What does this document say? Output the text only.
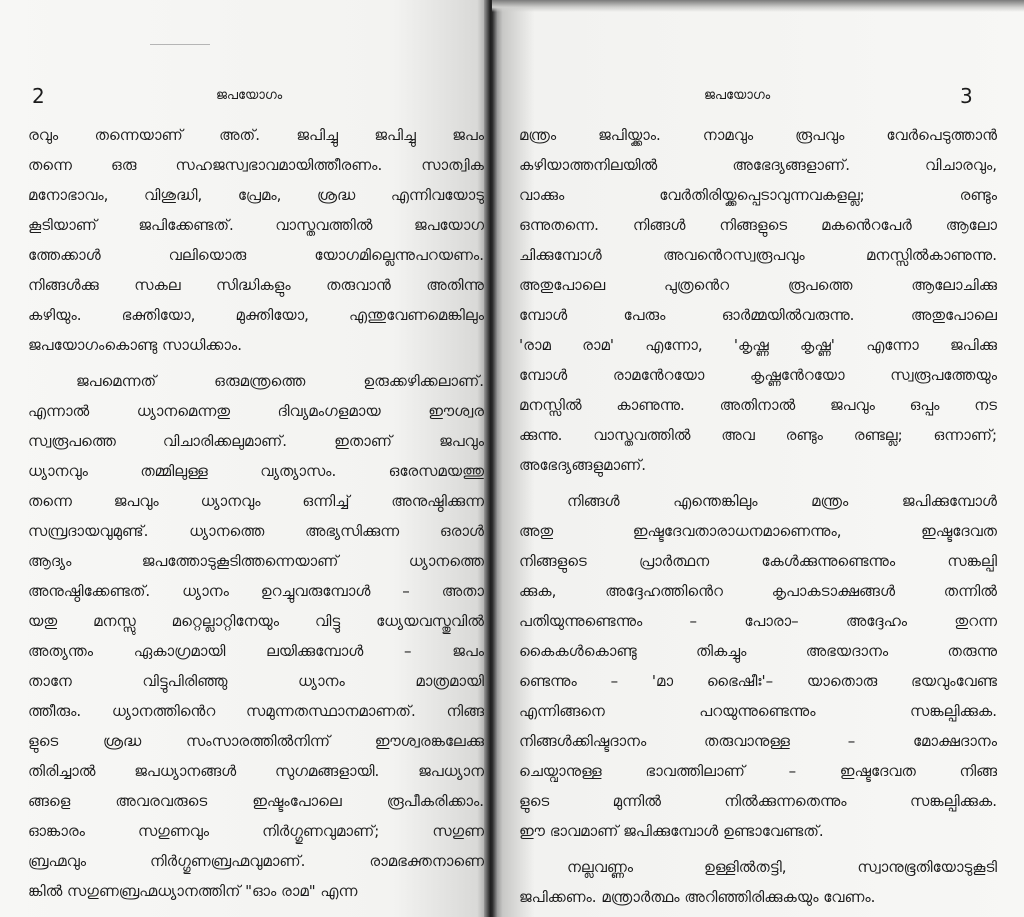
2	ജപയോഗം
രവും തന്നെയാണ് അത്. ജപിച്ചു ജപിച്ചു ജപം
തന്നെ ഒരു സഹജസ്വഭാവമായിത്തീരണം. സാത്വിക
മനോഭാവം, വിശുദ്ധി, പ്രേമം, ശ്രദ്ധ എന്നിവയോടു
കൂടിയാണ് ജപിക്കേണ്ടത്. വാസ്തവത്തിൽ ജപയോഗ
ത്തേക്കാൾ വലിയൊരു യോഗമില്ലെന്നുപറയണം.
നിങ്ങൾക്കു സകല സിദ്ധികളും തരുവാൻ അതിന്നു
കഴിയും. ഭക്തിയോ, മുക്തിയോ, എന്തുവേണമെങ്കിലും
ജപയോഗംകൊണ്ടു സാധിക്കാം.
ജപമെന്നത് ഒരുമന്ത്രത്തെ ഉരുക്കഴിക്കലാണ്.
എന്നാൽ ധ്യാനമെന്നതു ദിവ്യമംഗളമായ ഈശ്വര
സ്വരൂപത്തെ വിചാരിക്കലുമാണ്. ഇതാണ് ജപവും
ധ്യാനവും തമ്മിലുള്ള വ്യത്യാസം. ഒരേസമയത്തു
തന്നെ ജപവും ധ്യാനവും ഒന്നിച്ച് അനുഷ്ഠിക്കുന്ന
സമ്പ്രദായവുമുണ്ട്. ധ്യാനത്തെ അഭ്യസിക്കുന്ന ഒരാൾ
ആദ്യം ജപത്തോടുകൂടിത്തന്നെയാണ് ധ്യാനത്തെ
അനുഷ്ഠിക്കേണ്ടത്. ധ്യാനം ഉറച്ചുവരുമ്പോൾ – അതാ
യതു മനസ്സു മറ്റെല്ലാറ്റിനേയും വിട്ടു ധ്യേയവസ്തുവിൽ
അത്യന്തം ഏകാഗ്രമായി ലയിക്കുമ്പോൾ – ജപം
താനേ വിട്ടുപിരിഞ്ഞു ധ്യാനം മാത്രമായി
ത്തീരും. ധ്യാനത്തിൻെറ സമുന്നതസ്ഥാനമാണത്. നിങ്ങ
ളുടെ ശ്രദ്ധ സംസാരത്തിൽനിന്ന് ഈശ്വരങ്കലേക്കു
തിരിച്ചാൽ ജപധ്യാനങ്ങൾ സുഗമങ്ങളായി. ജപധ്യാന
ങ്ങളെ അവരവരുടെ ഇഷ്ടംപോലെ രൂപീകരിക്കാം.
ഓങ്കാരം സഗുണവും നിർഗ്ഗുണവുമാണ്; സഗുണ
ബ്രഹ്മവും നിർഗ്ഗുണബ്രഹ്മവുമാണ്. രാമഭക്തനാണെ
ങ്കിൽ സഗുണബ്രഹ്മധ്യാനത്തിന് "ഓം രാമ" എന്ന
ജപയോഗം	3
മന്ത്രം ജപിയ്ക്കാം. നാമവും രൂപവും വേർപെടുത്താൻ
കഴിയാത്തനിലയിൽ അഭേദ്യങ്ങളാണ്. വിചാരവും,
വാക്കും വേർതിരിയ്ക്കപ്പെടാവുന്നവകളല്ല; രണ്ടും
ഒന്നുതന്നെ. നിങ്ങൾ നിങ്ങളുടെ മകൻെറപേർ ആലോ
ചിക്കുമ്പോൾ അവൻെറസ്വരൂപവും മനസ്സിൽകാണുന്നു.
അതുപോലെ പുത്രൻെറ രൂപത്തെ ആലോചിക്കു
മ്പോൾ പേരും ഓർമ്മയിൽവരുന്നു. അതുപോലെ
'രാമ രാമ' എന്നോ, 'കൃഷ്ണ കൃഷ്ണ' എന്നോ ജപിക്കു
മ്പോൾ രാമൻേറയോ കൃഷ്ണൻേറയോ സ്വരൂപത്തേയും
മനസ്സിൽ കാണുന്നു. അതിനാൽ ജപവും ഒപ്പം നട
ക്കുന്നു. വാസ്തവത്തിൽ അവ രണ്ടും രണ്ടല്ല; ഒന്നാണ്;
അഭേദ്യങ്ങളുമാണ്.
നിങ്ങൾ എന്തെങ്കിലും മന്ത്രം ജപിക്കുമ്പോൾ
അതു ഇഷ്ടദേവതാരാധനമാണെന്നും, ഇഷ്ടദേവത
നിങ്ങളുടെ പ്രാർത്ഥന കേൾക്കുന്നുണ്ടെന്നും സങ്കല്പി
ക്കുക, അദ്ദേഹത്തിൻെറ കൃപാകടാക്ഷങ്ങൾ തന്നിൽ
പതിയുന്നുണ്ടെന്നും – പോരാ– അദ്ദേഹം തുറന്ന
കൈകൾകൊണ്ടു തികച്ചും അഭയദാനം തരുന്നു
ണ്ടെന്നും – 'മാ ഭൈഷീഃ'– യാതൊരു ഭയവുംവേണ്ട
എന്നിങ്ങനെ പറയുന്നുണ്ടെന്നും സങ്കല്പിക്കുക.
നിങ്ങൾക്കിഷ്ടദാനം തരുവാനുള്ള – മോക്ഷദാനം
ചെയ്വാനുള്ള ഭാവത്തിലാണ് – ഇഷ്ടദേവത നിങ്ങ
ളുടെ മുന്നിൽ നിൽക്കുന്നതെന്നും സങ്കല്പിക്കുക.
ഈ ഭാവമാണ് ജപിക്കുമ്പോൾ ഉണ്ടാവേണ്ടത്.
നല്ലവണ്ണം ഉള്ളിൽതട്ടി, സ്വാനുഭൂതിയോടുകൂടി
ജപിക്കണം. മന്ത്രാർത്ഥം അറിഞ്ഞിരിക്കുകയും വേണം.
